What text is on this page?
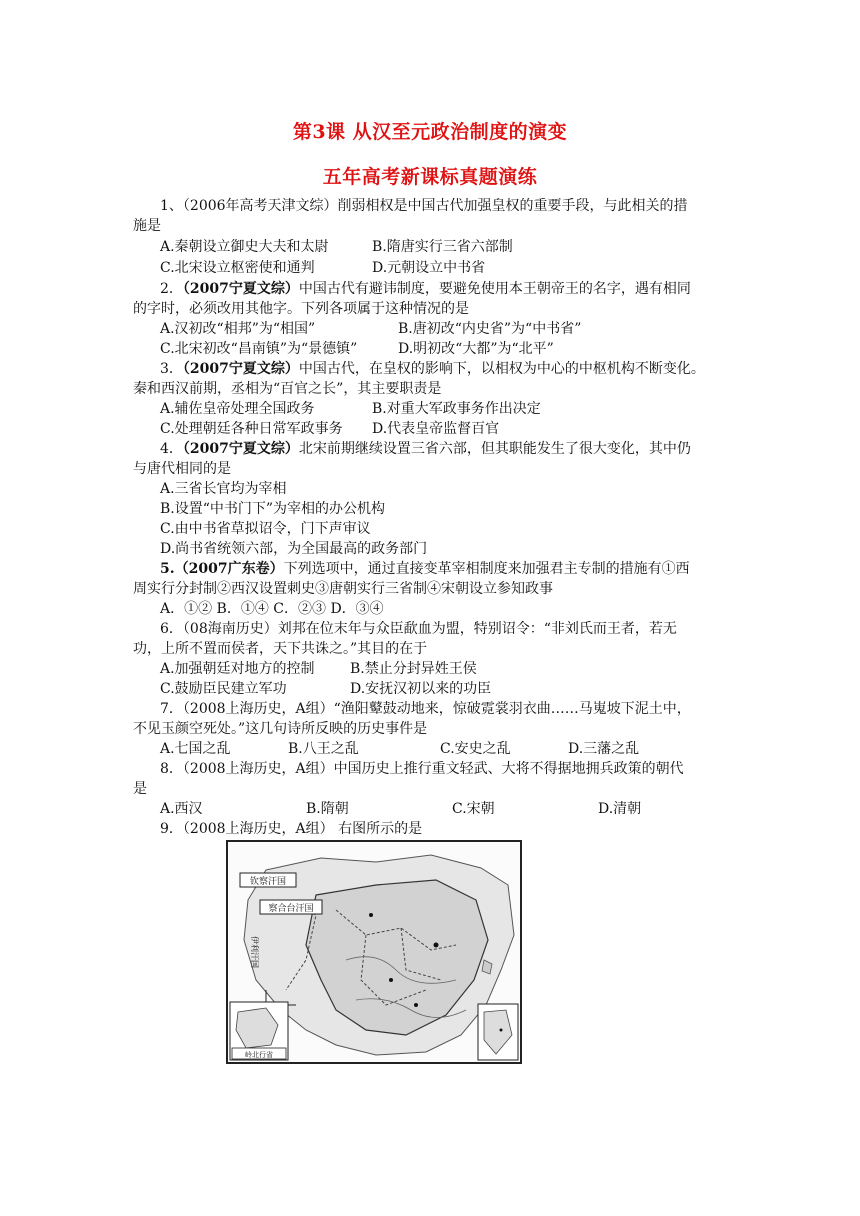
第3课 从汉至元政治制度的演变
五年高考新课标真题演练

1、（2006年高考天津文综）削弱相权是中国古代加强皇权的重要手段，与此相关的措

施是

A.秦朝设立御史大夫和太尉	B.隋唐实行三省六部制
C.北宋设立枢密使和通判	D.元朝设立中书省

2．（2007宁夏文综）中国古代有避讳制度，要避免使用本王朝帝王的名字，遇有相同

的字时，必须改用其他字。下列各项属于这种情况的是

A.汉初改“相邦”为“相国”	B.唐初改“内史省”为“中书省”
C.北宋初改“昌南镇”为“景德镇”	D.明初改“大都”为“北平”

3．（2007宁夏文综）中国古代，在皇权的影响下，以相权为中心的中枢机构不断变化。

秦和西汉前期，丞相为“百官之长”，其主要职责是

A.辅佐皇帝处理全国政务	B.对重大军政事务作出决定
C.处理朝廷各种日常军政事务	D.代表皇帝监督百官

4．（2007宁夏文综）北宋前期继续设置三省六部，但其职能发生了很大变化，其中仍

与唐代相同的是

A.三省长官均为宰相

B.设置“中书门下”为宰相的办公机构

C.由中书省草拟诏令，门下声审议

D.尚书省统领六部，为全国最高的政务部门

5.（2007广东卷）下列选项中，通过直接变革宰相制度来加强君主专制的措施有①西

周实行分封制②西汉设置刺史③唐朝实行三省制④宋朝设立参知政事

A．①② B．①④ C．②③ D．③④

6．（08海南历史）刘邦在位末年与众臣歃血为盟，特别诏令：“非刘氏而王者，若无

功，上所不置而侯者，天下共诛之。”其目的在于

A.加强朝廷对地方的控制	B.禁止分封异姓王侯
C.鼓励臣民建立军功	D.安抚汉初以来的功臣

7．（2008上海历史，A组）“渔阳鼙鼓动地来，惊破霓裳羽衣曲……马嵬坡下泥土中，

不见玉颜空死处。”这几句诗所反映的历史事件是

A.七国之乱	B.八王之乱	C.安史之乱	D.三藩之乱

8．（2008上海历史，A组）中国历史上推行重文轻武、大将不得据地拥兵政策的朝代

是

A.西汉	B.隋朝	C.宋朝	D.清朝

9．（2008上海历史，A组） 右图所示的是

钦察汗国
察合台汗国
伊利汗国
岭北行省
